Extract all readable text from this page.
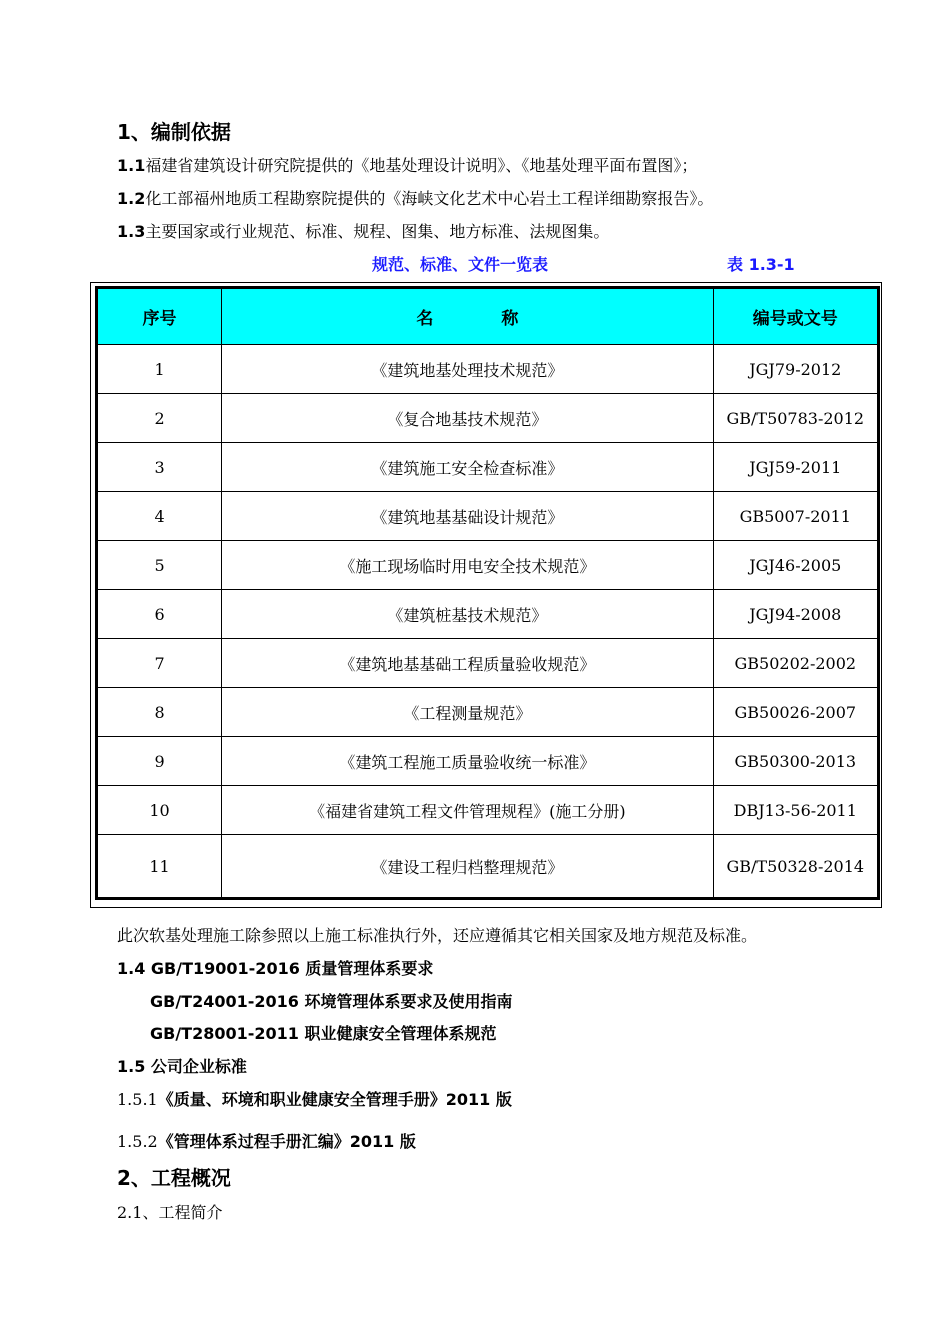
1、编制依据
1.1福建省建筑设计研究院提供的《地基处理设计说明》、《地基处理平面布置图》；
1.2化工部福州地质工程勘察院提供的《海峡文化艺术中心岩土工程详细勘察报告》。
1.3主要国家或行业规范、标准、规程、图集、地方标准、法规图集。
规范、标准、文件一览表	表 1.3-1
序号	名　　　　称	编号或文号
1	《建筑地基处理技术规范》	JGJ79-2012
2	《复合地基技术规范》	GB/T50783-2012
3	《建筑施工安全检查标准》	JGJ59-2011
4	《建筑地基基础设计规范》	GB5007-2011
5	《施工现场临时用电安全技术规范》	JGJ46-2005
6	《建筑桩基技术规范》	JGJ94-2008
7	《建筑地基基础工程质量验收规范》	GB50202-2002
8	《工程测量规范》	GB50026-2007
9	《建筑工程施工质量验收统一标准》	GB50300-2013
10	《福建省建筑工程文件管理规程》(施工分册)	DBJ13-56-2011
11	《建设工程归档整理规范》	GB/T50328-2014
此次软基处理施工除参照以上施工标准执行外，还应遵循其它相关国家及地方规范及标准。
1.4 GB/T19001-2016 质量管理体系要求
GB/T24001-2016 环境管理体系要求及使用指南
GB/T28001-2011 职业健康安全管理体系规范
1.5 公司企业标准
1.5.1《质量、环境和职业健康安全管理手册》2011 版
1.5.2《管理体系过程手册汇编》2011 版
2、工程概况
2.1、工程简介
